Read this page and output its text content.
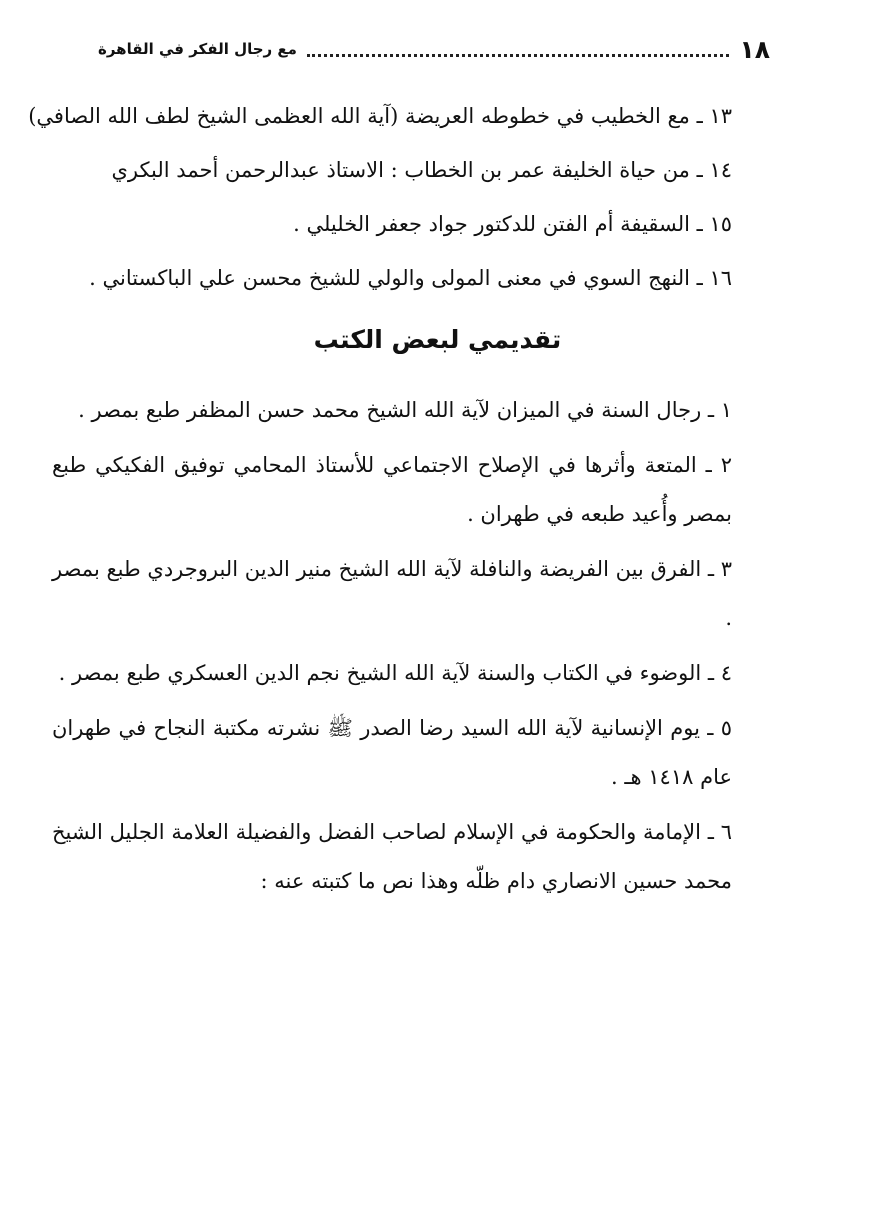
١٨
مع رجال الفكر في القاهرة
١٣ ـ مع الخطيب في خطوطه العريضة (آية الله العظمى الشيخ لطف الله الصافي)
١٤ ـ من حياة الخليفة عمر بن الخطاب : الاستاذ عبدالرحمن أحمد البكري
١٥ ـ السقيفة أم الفتن للدكتور جواد جعفر الخليلي .
١٦ ـ النهج السوي في معنى المولى والولي للشيخ محسن علي الباكستاني .
تقديمي لبعض الكتب
١ ـ رجال السنة في الميزان لآية الله الشيخ محمد حسن المظفر طبع بمصر .
٢ ـ المتعة وأثرها في الإصلاح الاجتماعي للأستاذ المحامي توفيق الفكيكي طبع بمصر وأُعيد طبعه في طهران .
٣ ـ الفرق بين الفريضة والنافلة لآية الله الشيخ منير الدين البروجردي طبع بمصر .
٤ ـ الوضوء في الكتاب والسنة لآية الله الشيخ نجم الدين العسكري طبع بمصر .
٥ ـ يوم الإنسانية لآية الله السيد رضا الصدر ﷺ نشرته مكتبة النجاح في طهران عام ١٤١٨ هـ .
٦ ـ الإمامة والحكومة في الإسلام لصاحب الفضل والفضيلة العلامة الجليل الشيخ محمد حسين الانصاري دام ظلّه وهذا نص ما كتبته عنه :
